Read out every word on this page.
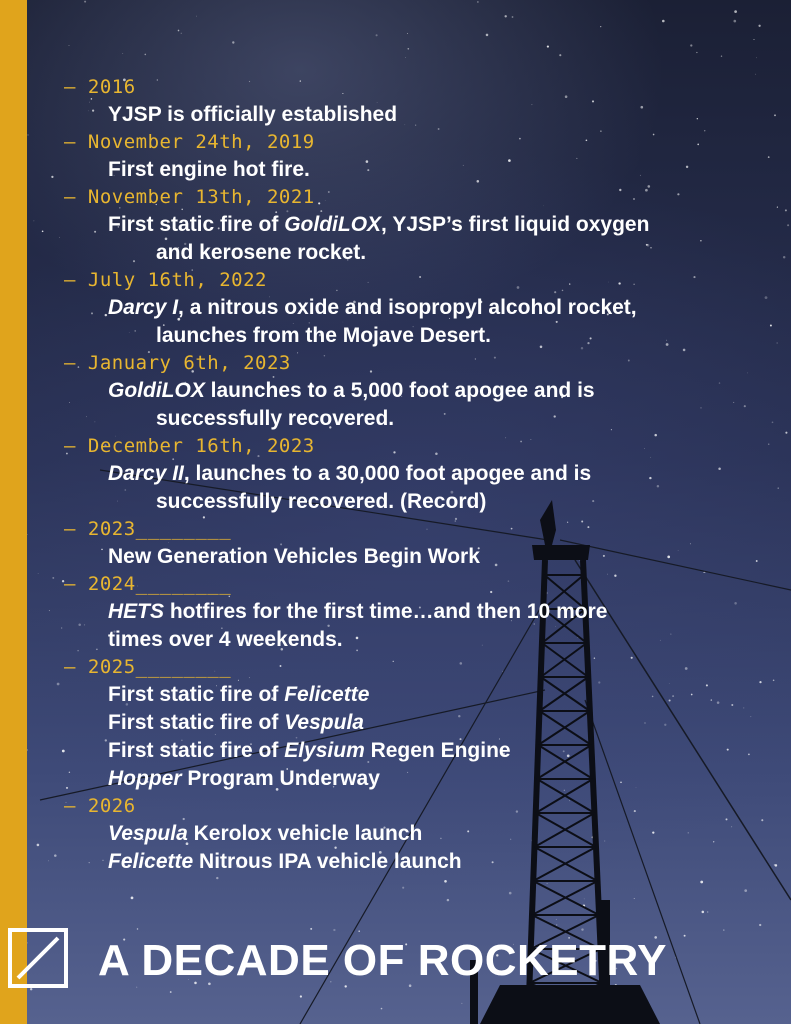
— 2016
YJSP is officially established
— November 24th, 2019
First engine hot fire.
— November 13th, 2021
First static fire of GoldiLOX, YJSP’s first liquid oxygen
and kerosene rocket.
— July 16th, 2022
Darcy I, a nitrous oxide and isopropyl alcohol rocket,
launches from the Mojave Desert.
— January 6th, 2023
GoldiLOX launches to a 5,000 foot apogee and is
successfully recovered.
— December 16th, 2023
Darcy II, launches to a 30,000 foot apogee and is
successfully recovered. (Record)
— 2023________
New Generation Vehicles Begin Work
— 2024________
HETS hotfires for the first time…and then 10 more
times over 4 weekends.
— 2025________
First static fire of Felicette
First static fire of Vespula
First static fire of Elysium Regen Engine
Hopper Program Underway
— 2026
Vespula Kerolox vehicle launch
Felicette Nitrous IPA vehicle launch
A DECADE OF ROCKETRY
